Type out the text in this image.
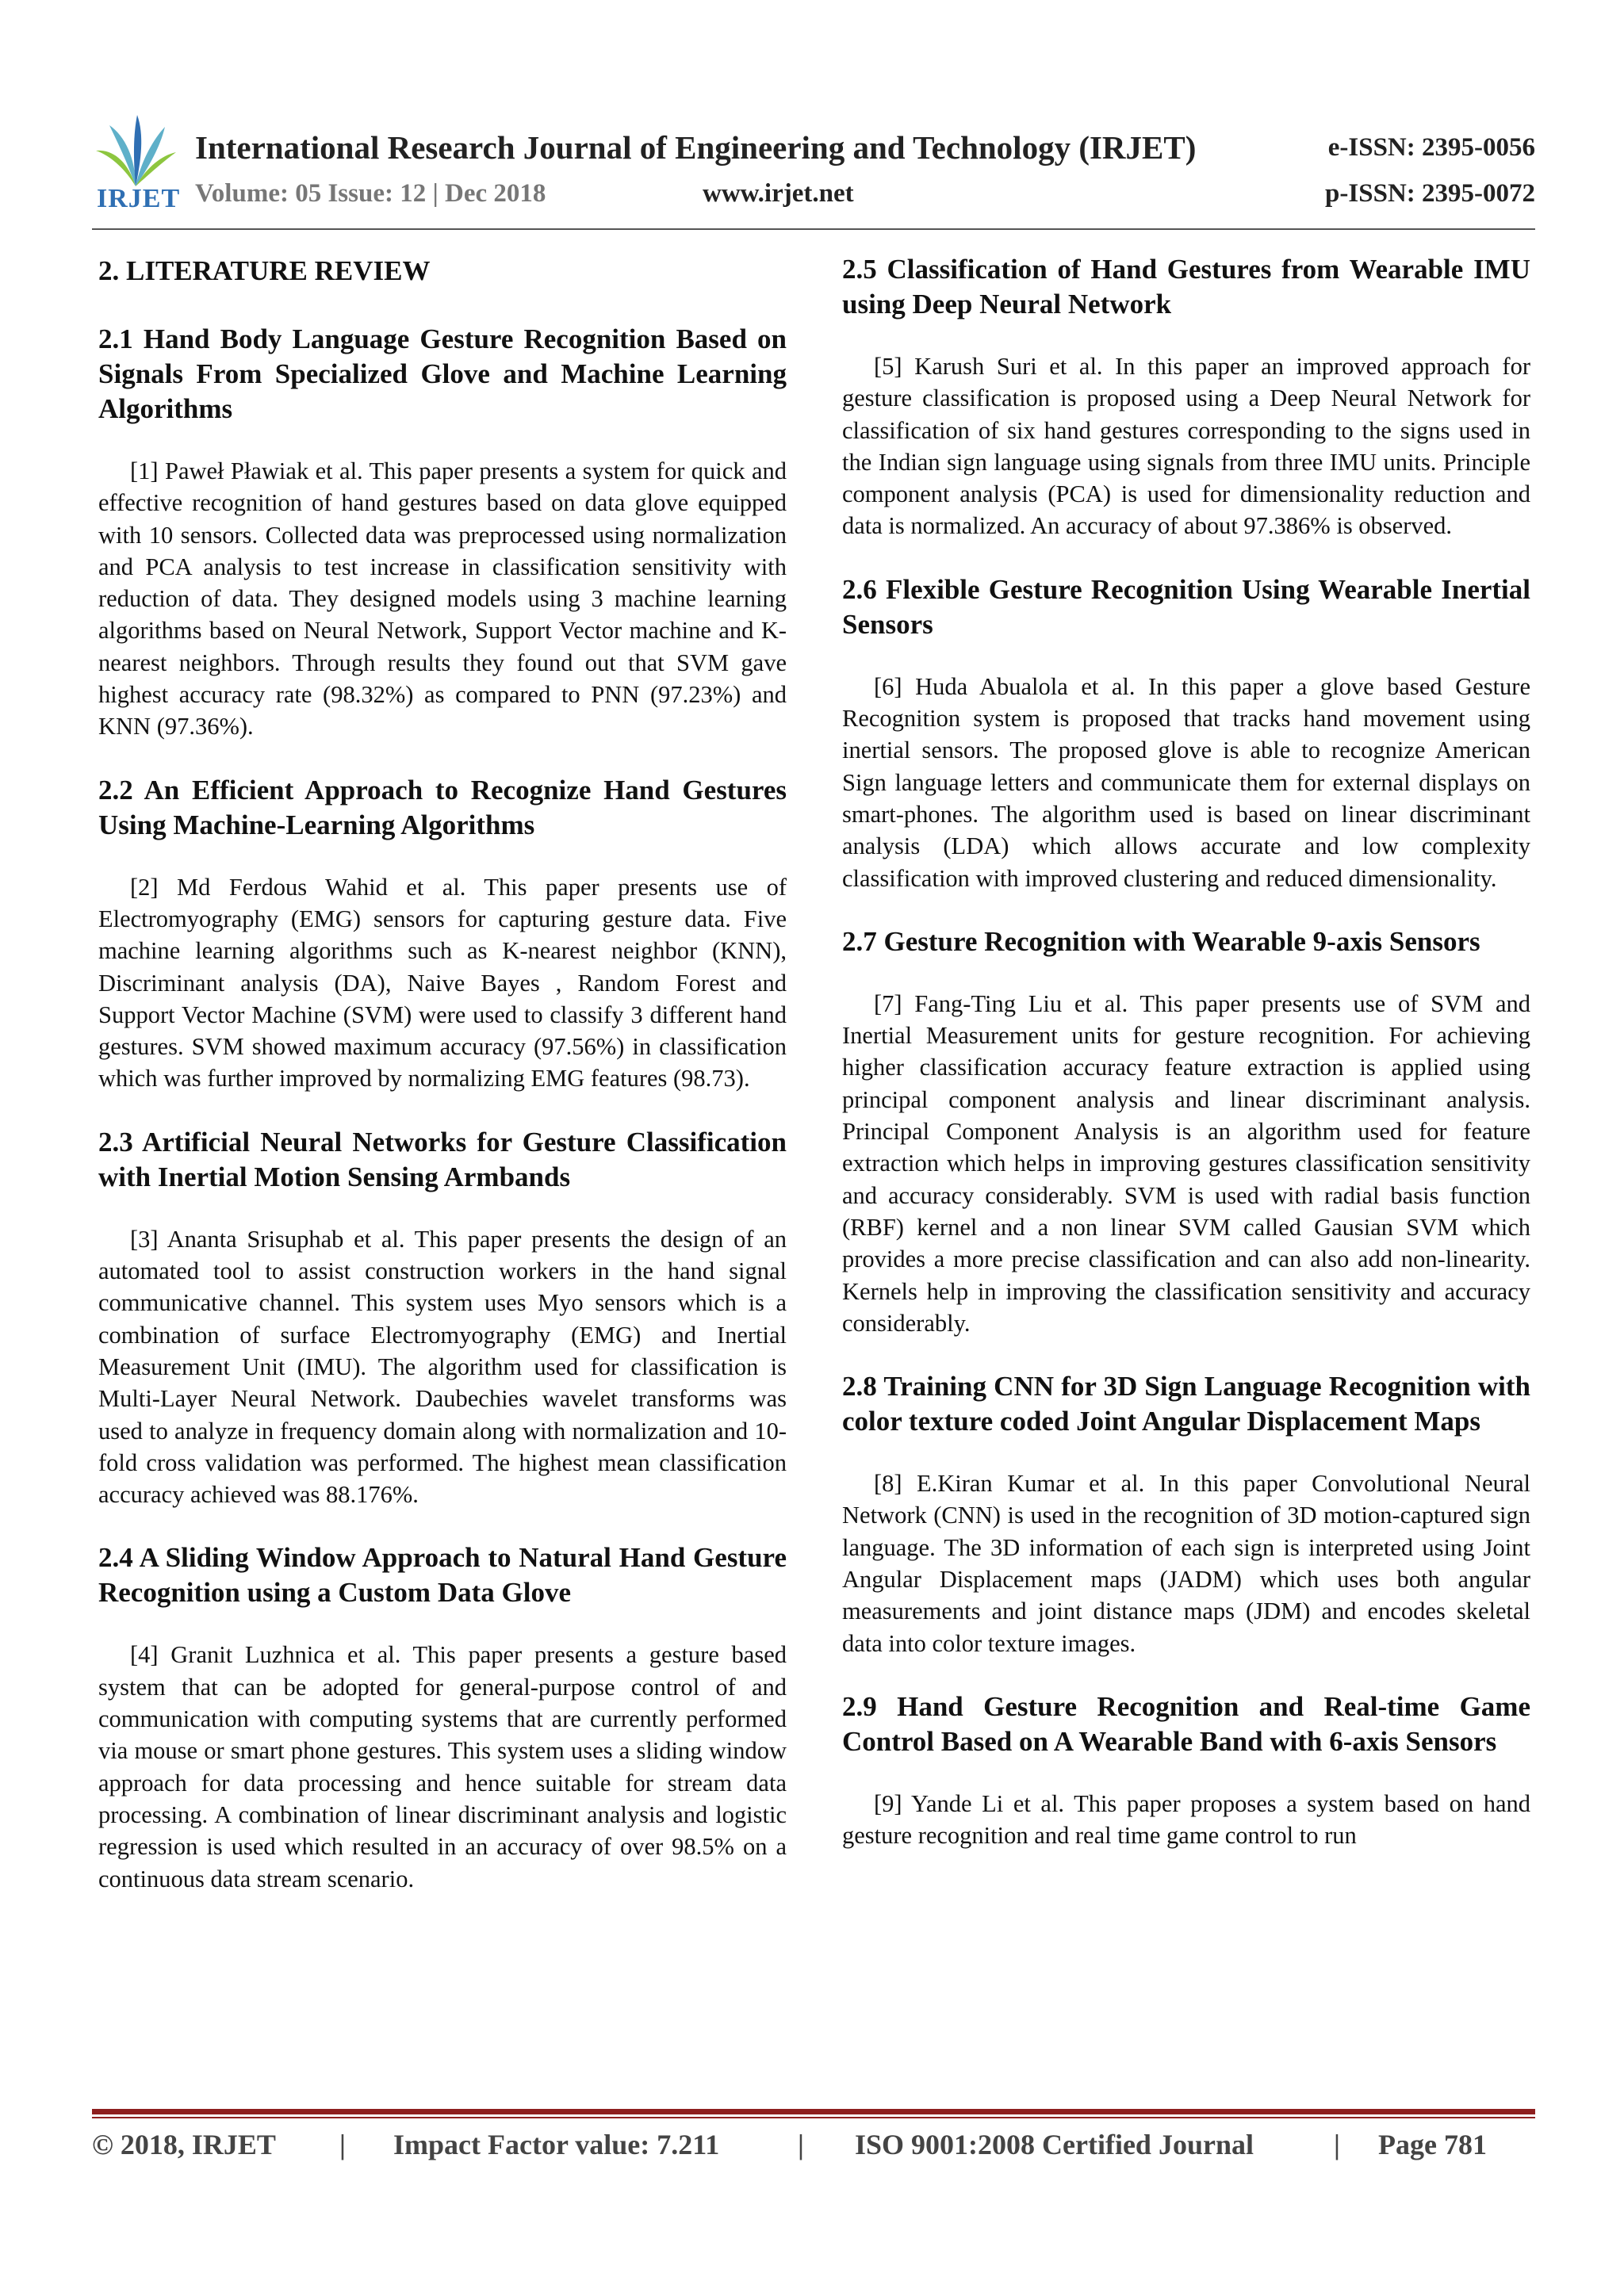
IRJET
International Research Journal of Engineering and Technology (IRJET)
Volume: 05 Issue: 12 | Dec 2018	www.irjet.net
e-ISSN: 2395-0056
p-ISSN: 2395-0072
2. LITERATURE REVIEW
2.1 Hand Body Language Gesture Recognition Based on Signals From Specialized Glove and Machine Learning Algorithms

[1] Paweł Pławiak et al. This paper presents a system for quick and effective recognition of hand gestures based on data glove equipped with 10 sensors. Collected data was preprocessed using normalization and PCA analysis to test increase in classification sensitivity with reduction of data. They designed models using 3 machine learning algorithms based on Neural Network, Support Vector machine and K-nearest neighbors. Through results they found out that SVM gave highest accuracy rate (98.32%) as compared to PNN (97.23%) and KNN (97.36%).

2.2 An Efficient Approach to Recognize Hand Gestures Using Machine-Learning Algorithms

[2] Md Ferdous Wahid et al. This paper presents use of Electromyography (EMG) sensors for capturing gesture data. Five machine learning algorithms such as K-nearest neighbor (KNN), Discriminant analysis (DA), Naive Bayes , Random Forest and Support Vector Machine (SVM) were used to classify 3 different hand gestures. SVM showed maximum accuracy (97.56%) in classification which was further improved by normalizing EMG features (98.73).

2.3 Artificial Neural Networks for Gesture Classification with Inertial Motion Sensing Armbands

[3] Ananta Srisuphab et al. This paper presents the design of an automated tool to assist construction workers in the hand signal communicative channel. This system uses Myo sensors which is a combination of surface Electromyography (EMG) and Inertial Measurement Unit (IMU). The algorithm used for classification is Multi-Layer Neural Network. Daubechies wavelet transforms was used to analyze in frequency domain along with normalization and 10-fold cross validation was performed. The highest mean classification accuracy achieved was 88.176%.

2.4 A Sliding Window Approach to Natural Hand Gesture Recognition using a Custom Data Glove

[4] Granit Luzhnica et al. This paper presents a gesture based system that can be adopted for general-purpose control of and communication with computing systems that are currently performed via mouse or smart phone gestures. This system uses a sliding window approach for data processing and hence suitable for stream data processing. A combination of linear discriminant analysis and logistic regression is used which resulted in an accuracy of over 98.5% on a continuous data stream scenario.

2.5 Classification of Hand Gestures from Wearable IMU using Deep Neural Network

[5] Karush Suri et al. In this paper an improved approach for gesture classification is proposed using a Deep Neural Network for classification of six hand gestures corresponding to the signs used in the Indian sign language using signals from three IMU units. Principle component analysis (PCA) is used for dimensionality reduction and data is normalized. An accuracy of about 97.386% is observed.

2.6 Flexible Gesture Recognition Using Wearable Inertial Sensors

[6] Huda Abualola et al. In this paper a glove based Gesture Recognition system is proposed that tracks hand movement using inertial sensors. The proposed glove is able to recognize American Sign language letters and communicate them for external displays on smart-phones. The algorithm used is based on linear discriminant analysis (LDA) which allows accurate and low complexity classification with improved clustering and reduced dimensionality.

2.7 Gesture Recognition with Wearable 9-axis Sensors

[7] Fang-Ting Liu et al. This paper presents use of SVM and Inertial Measurement units for gesture recognition. For achieving higher classification accuracy feature extraction is applied using principal component analysis and linear discriminant analysis. Principal Component Analysis is an algorithm used for feature extraction which helps in improving gestures classification sensitivity and accuracy considerably. SVM is used with radial basis function (RBF) kernel and a non linear SVM called Gausian SVM which provides a more precise classification and can also add non-linearity. Kernels help in improving the classification sensitivity and accuracy considerably.

2.8 Training CNN for 3D Sign Language Recognition with color texture coded Joint Angular Displacement Maps

[8] E.Kiran Kumar et al. In this paper Convolutional Neural Network (CNN) is used in the recognition of 3D motion-captured sign language. The 3D information of each sign is interpreted using Joint Angular Displacement maps (JADM) which uses both angular measurements and joint distance maps (JDM) and encodes skeletal data into color texture images.

2.9 Hand Gesture Recognition and Real-time Game Control Based on A Wearable Band with 6-axis Sensors

[9] Yande Li et al. This paper proposes a system based on hand gesture recognition and real time game control to run

© 2018, IRJET | Impact Factor value: 7.211	| ISO 9001:2008 Certified Journal	| Page 781
